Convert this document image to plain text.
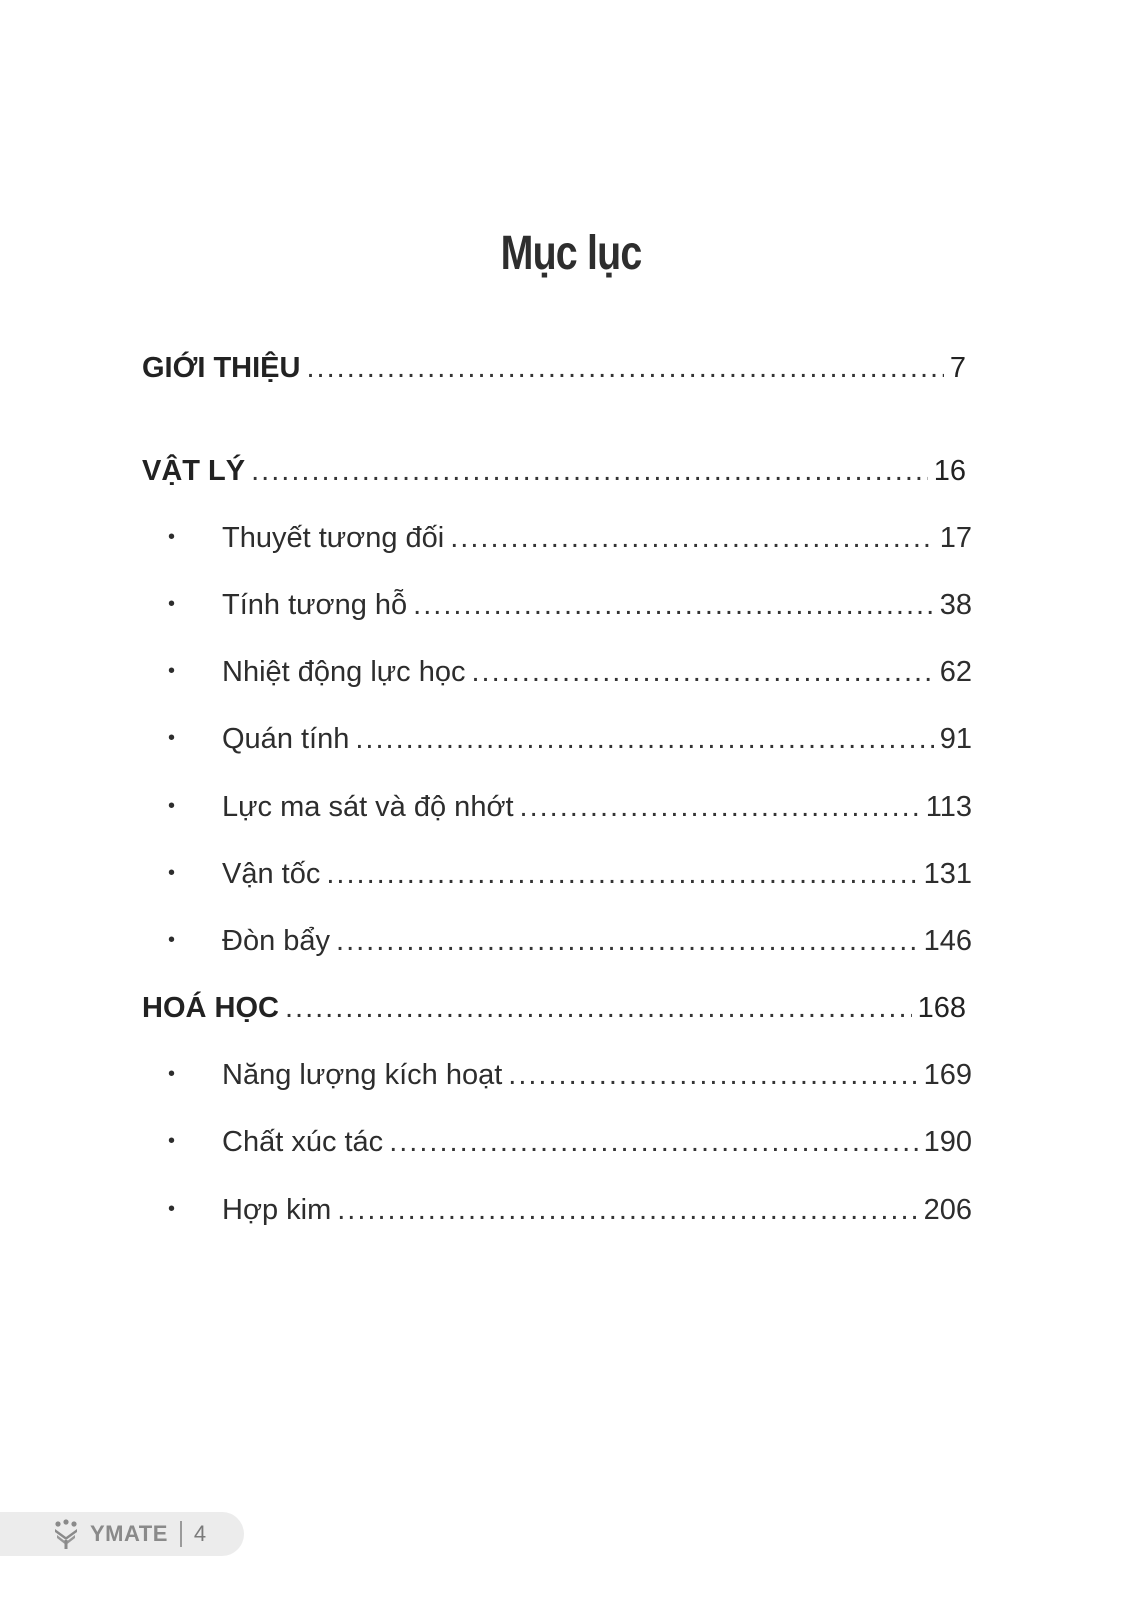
Mục lục
GIỚI THIỆU .....	7
VẬT LÝ .....	16
•	Thuyết tương đối .....	17
•	Tính tương hỗ .....	38
•	Nhiệt động lực học .....	62
•	Quán tính .....	91
•	Lực ma sát và độ nhớt .....	113
•	Vận tốc .....	131
•	Đòn bẩy .....	146
HOÁ HỌC .....	168
•	Năng lượng kích hoạt .....	169
•	Chất xúc tác .....	190
•	Hợp kim .....	206
YMATE 4
